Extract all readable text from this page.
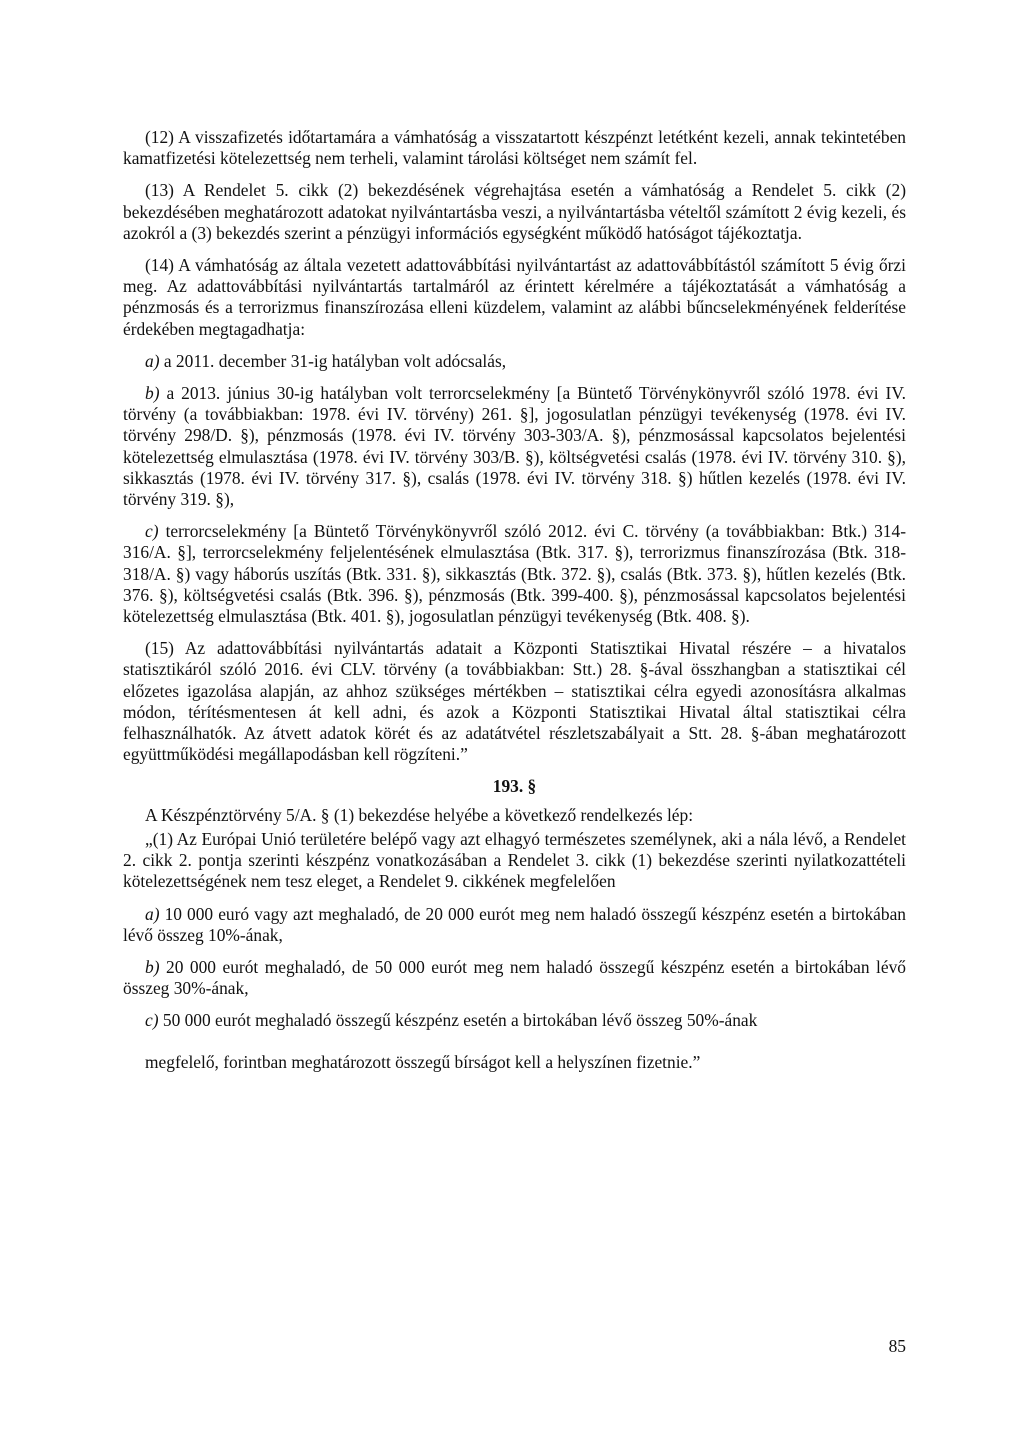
(12) A visszafizetés időtartamára a vámhatóság a visszatartott készpénzt letétként kezeli, annak tekintetében kamatfizetési kötelezettség nem terheli, valamint tárolási költséget nem számít fel.

(13) A Rendelet 5. cikk (2) bekezdésének végrehajtása esetén a vámhatóság a Rendelet 5. cikk (2) bekezdésében meghatározott adatokat nyilvántartásba veszi, a nyilvántartásba vételtől számított 2 évig kezeli, és azokról a (3) bekezdés szerint a pénzügyi információs egységként működő hatóságot tájékoztatja.

(14) A vámhatóság az általa vezetett adattovábbítási nyilvántartást az adattovábbítástól számított 5 évig őrzi meg. Az adattovábbítási nyilvántartás tartalmáról az érintett kérelmére a tájékoztatását a vámhatóság a pénzmosás és a terrorizmus finanszírozása elleni küzdelem, valamint az alábbi bűncselekményének felderítése érdekében megtagadhatja:

a) a 2011. december 31-ig hatályban volt adócsalás,

b) a 2013. június 30-ig hatályban volt terrorcselekmény [a Büntető Törvénykönyvről szóló 1978. évi IV. törvény (a továbbiakban: 1978. évi IV. törvény) 261. §], jogosulatlan pénzügyi tevékenység (1978. évi IV. törvény 298/D. §), pénzmosás (1978. évi IV. törvény 303-303/A. §), pénzmosással kapcsolatos bejelentési kötelezettség elmulasztása (1978. évi IV. törvény 303/B. §), költségvetési csalás (1978. évi IV. törvény 310. §), sikkasztás (1978. évi IV. törvény 317. §), csalás (1978. évi IV. törvény 318. §) hűtlen kezelés (1978. évi IV. törvény 319. §),

c) terrorcselekmény [a Büntető Törvénykönyvről szóló 2012. évi C. törvény (a továbbiakban: Btk.) 314-316/A. §], terrorcselekmény feljelentésének elmulasztása (Btk. 317. §), terrorizmus finanszírozása (Btk. 318-318/A. §) vagy háborús uszítás (Btk. 331. §), sikkasztás (Btk. 372. §), csalás (Btk. 373. §), hűtlen kezelés (Btk. 376. §), költségvetési csalás (Btk. 396. §), pénzmosás (Btk. 399-400. §), pénzmosással kapcsolatos bejelentési kötelezettség elmulasztása (Btk. 401. §), jogosulatlan pénzügyi tevékenység (Btk. 408. §).

(15) Az adattovábbítási nyilvántartás adatait a Központi Statisztikai Hivatal részére – a hivatalos statisztikáról szóló 2016. évi CLV. törvény (a továbbiakban: Stt.) 28. §-ával összhangban a statisztikai cél előzetes igazolása alapján, az ahhoz szükséges mértékben – statisztikai célra egyedi azonosításra alkalmas módon, térítésmentesen át kell adni, és azok a Központi Statisztikai Hivatal által statisztikai célra felhasználhatók. Az átvett adatok körét és az adatátvétel részletszabályait a Stt. 28. §-ában meghatározott együttműködési megállapodásban kell rögzíteni.”

193. §

A Készpénztörvény 5/A. § (1) bekezdése helyébe a következő rendelkezés lép:

„(1) Az Európai Unió területére belépő vagy azt elhagyó természetes személynek, aki a nála lévő, a Rendelet 2. cikk 2. pontja szerinti készpénz vonatkozásában a Rendelet 3. cikk (1) bekezdése szerinti nyilatkozattételi kötelezettségének nem tesz eleget, a Rendelet 9. cikkének megfelelően

a) 10 000 euró vagy azt meghaladó, de 20 000 eurót meg nem haladó összegű készpénz esetén a birtokában lévő összeg 10%-ának,

b) 20 000 eurót meghaladó, de 50 000 eurót meg nem haladó összegű készpénz esetén a birtokában lévő összeg 30%-ának,

c) 50 000 eurót meghaladó összegű készpénz esetén a birtokában lévő összeg 50%-ának

megfelelő, forintban meghatározott összegű bírságot kell a helyszínen fizetnie.”

85
